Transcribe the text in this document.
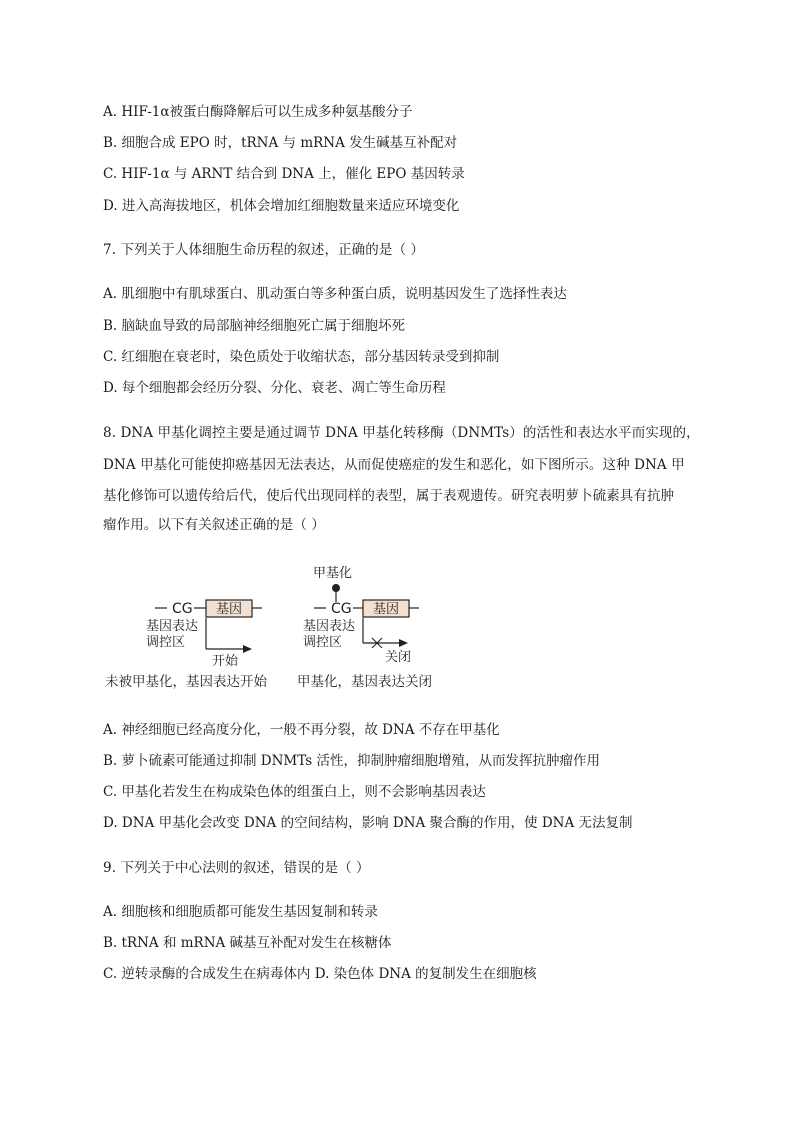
A. HIF-1α被蛋白酶降解后可以生成多种氨基酸分子
B. 细胞合成 EPO 时，tRNA 与 mRNA 发生碱基互补配对
C. HIF-1α 与 ARNT 结合到 DNA 上，催化 EPO 基因转录
D. 进入高海拔地区，机体会增加红细胞数量来适应环境变化
7. 下列关于人体细胞生命历程的叙述，正确的是（ ）
A. 肌细胞中有肌球蛋白、肌动蛋白等多种蛋白质，说明基因发生了选择性表达
B. 脑缺血导致的局部脑神经细胞死亡属于细胞坏死
C. 红细胞在衰老时，染色质处于收缩状态，部分基因转录受到抑制
D. 每个细胞都会经历分裂、分化、衰老、凋亡等生命历程
8. DNA 甲基化调控主要是通过调节 DNA 甲基化转移酶（DNMTs）的活性和表达水平而实现的，
DNA 甲基化可能使抑癌基因无法表达，从而促使癌症的发生和恶化，如下图所示。这种 DNA 甲
基化修饰可以遗传给后代，使后代出现同样的表型，属于表观遗传。研究表明萝卜硫素具有抗肿
瘤作用。以下有关叙述正确的是（ ）
CG 基因
基因表达
调控区
开始
甲基化
CG 基因
基因表达
调控区
关闭
未被甲基化，基因表达开始 甲基化，基因表达关闭
A. 神经细胞已经高度分化，一般不再分裂，故 DNA 不存在甲基化
B. 萝卜硫素可能通过抑制 DNMTs 活性，抑制肿瘤细胞增殖，从而发挥抗肿瘤作用
C. 甲基化若发生在构成染色体的组蛋白上，则不会影响基因表达
D. DNA 甲基化会改变 DNA 的空间结构，影响 DNA 聚合酶的作用，使 DNA 无法复制
9. 下列关于中心法则的叙述，错误的是（ ）
A. 细胞核和细胞质都可能发生基因复制和转录
B. tRNA 和 mRNA 碱基互补配对发生在核糖体
C. 逆转录酶的合成发生在病毒体内 D. 染色体 DNA 的复制发生在细胞核
